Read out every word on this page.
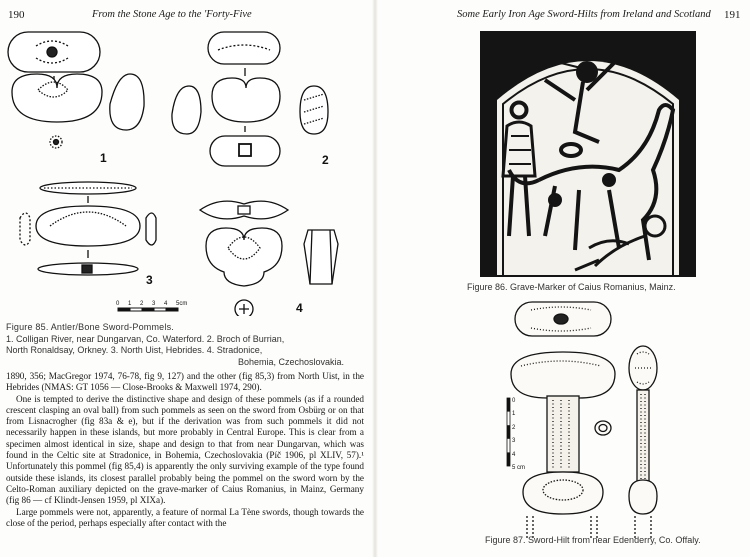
190	From the Stone Age to the 'Forty-Five
1	2
3
4
0 1 2 3 4 5cm
Figure 85. Antler/Bone Sword-Pommels.
1. Colligan River, near Dungarvan, Co. Waterford. 2. Broch of Burrian,
North Ronaldsay, Orkney. 3. North Uist, Hebrides. 4. Stradonice,
Bohemia, Czechoslovakia.

1890, 356; MacGregor 1974, 76-78, fig 9, 127) and the other (fig 85,3) from North Uist, in the Hebrides (NMAS: GT 1056 — Close-Brooks & Maxwell 1974, 290).

One is tempted to derive the distinctive shape and design of these pommels (as if a rounded crescent clasping an oval ball) from such pommels as seen on the sword from Osbürg or on that from Lisnacrogher (fig 83a & e), but if the derivation was from such pommels it did not necessarily happen in these islands, but more probably in Central Europe. This is clear from a specimen almost identical in size, shape and design to that from near Dungarvan, which was found in the Celtic site at Stradonice, in Bohemia, Czechoslovakia (Píč 1906, pl XLIV, 57).¹ Unfortunately this pommel (fig 85,4) is apparently the only surviving example of the type found outside these islands, its closest parallel probably being the pommel on the sword worn by the Celto-Roman auxiliary depicted on the grave-marker of Caius Romanius, in Mainz, Germany (fig 86 — cf Klindt-Jensen 1959, pl XIXa).

Large pommels were not, apparently, a feature of normal La Tène swords, though towards the close of the period, perhaps especially after contact with the

Some Early Iron Age Sword-Hilts from Ireland and Scotland 191
Figure 86. Grave-Marker of Caius Romanius, Mainz.
0
1
2
3
4
5 cm
Figure 87. Sword-Hilt from near Edenderry, Co. Offaly.
